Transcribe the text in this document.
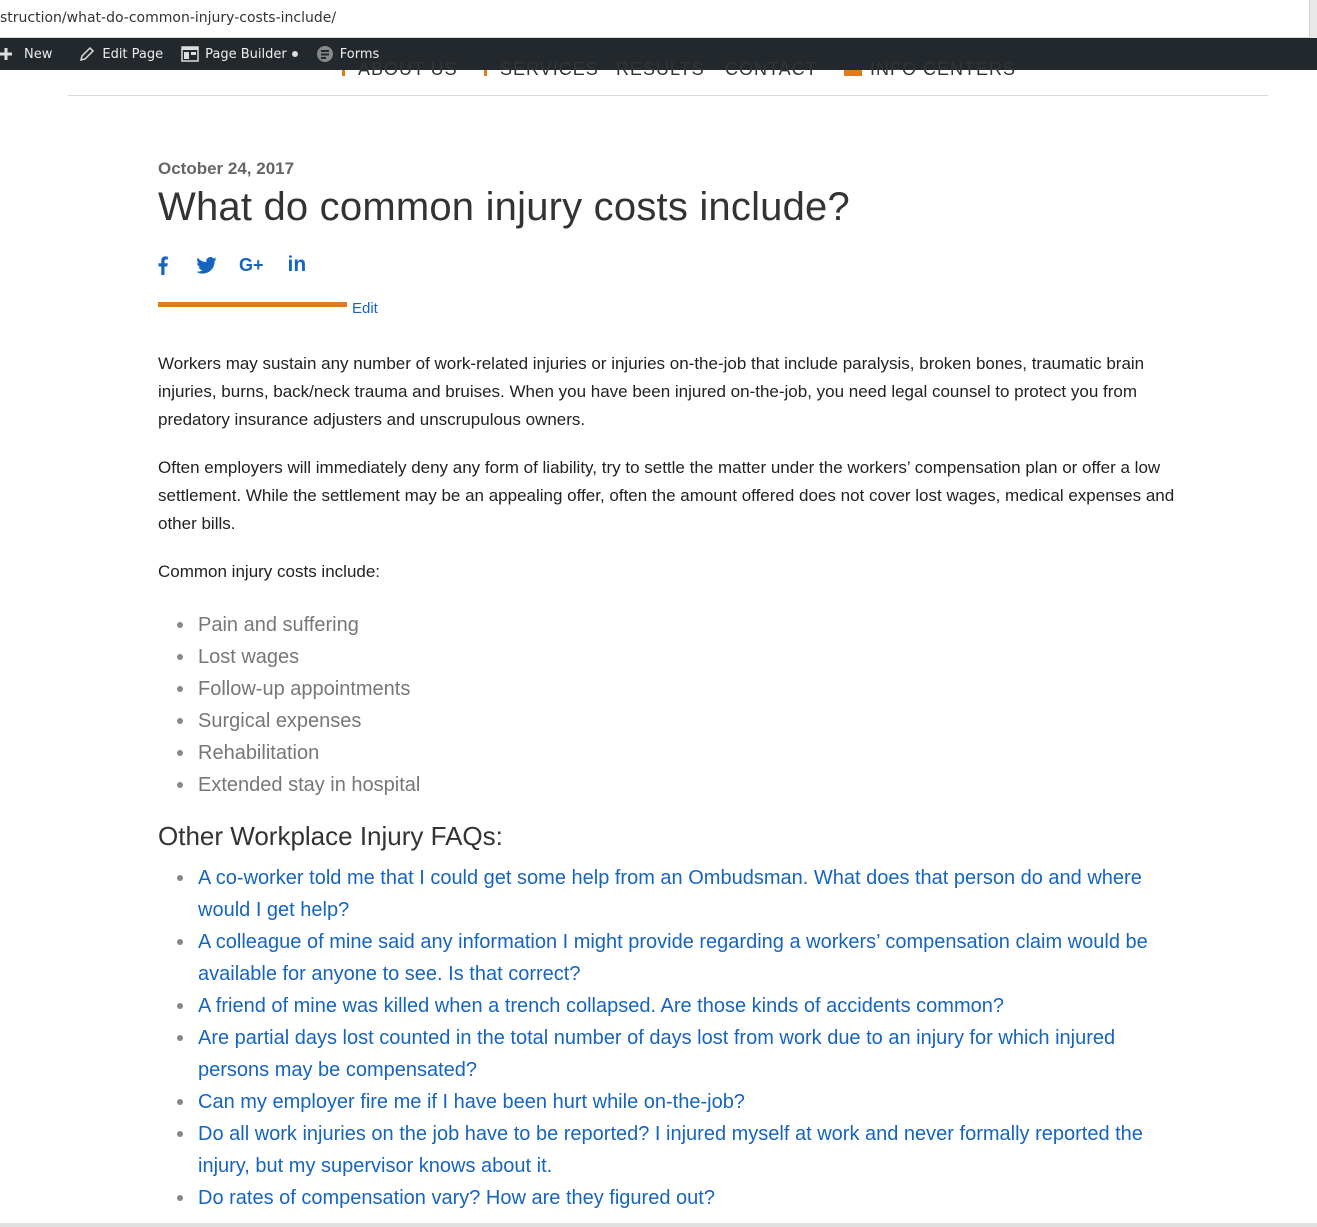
struction/what-do-common-injury-costs-include/
New	Edit Page	Page Builder	Forms
ABOUT US SERVICES RESULTS CONTACT	INFO CENTERS
October 24, 2017
What do common injury costs include?
G+ in
Edit

Workers may sustain any number of work-related injuries or injuries on-the-job that include paralysis, broken bones, traumatic brain injuries, burns, back/neck trauma and bruises. When you have been injured on-the-job, you need legal counsel to protect you from predatory insurance adjusters and unscrupulous owners.

Often employers will immediately deny any form of liability, try to settle the matter under the workers’ compensation plan or offer a low settlement. While the settlement may be an appealing offer, often the amount offered does not cover lost wages, medical expenses and other bills.

Common injury costs include:

Pain and suffering
Lost wages
Follow-up appointments
Surgical expenses
Rehabilitation
Extended stay in hospital
Other Workplace Injury FAQs:
A co-worker told me that I could get some help from an Ombudsman. What does that person do and where would I get help?
A colleague of mine said any information I might provide regarding a workers’ compensation claim would be available for anyone to see. Is that correct?
A friend of mine was killed when a trench collapsed. Are those kinds of accidents common?
Are partial days lost counted in the total number of days lost from work due to an injury for which injured persons may be compensated?
Can my employer fire me if I have been hurt while on-the-job?
Do all work injuries on the job have to be reported? I injured myself at work and never formally reported the injury, but my supervisor knows about it.
Do rates of compensation vary? How are they figured out?
